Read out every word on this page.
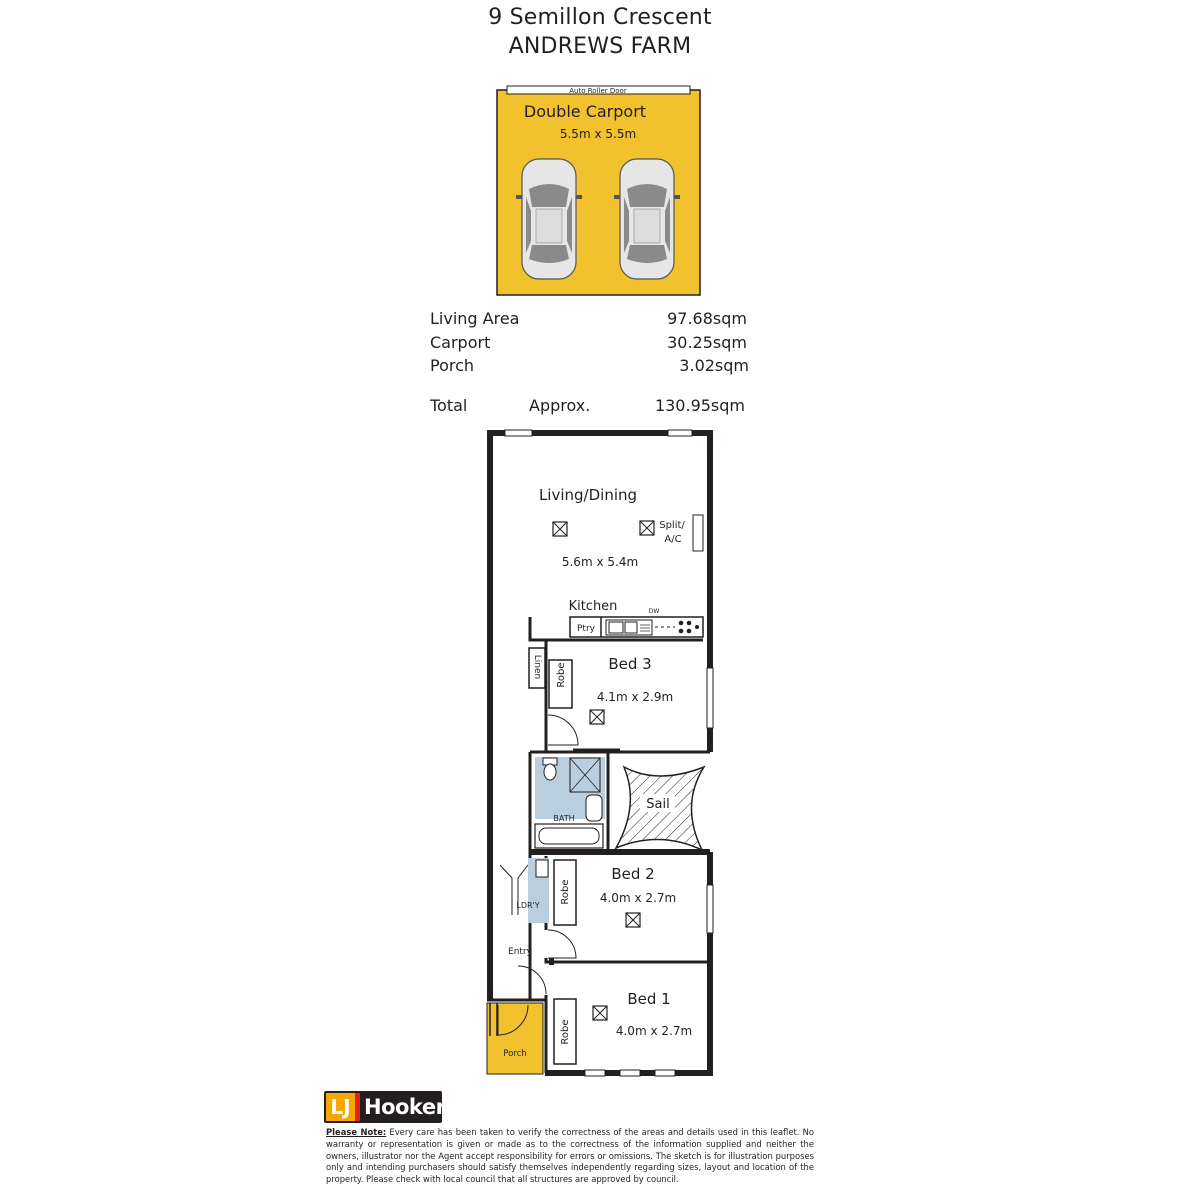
9 Semillon Crescent
ANDREWS FARM
Auto Roller Door
Double Carport
5.5m x 5.5m
Living/Dining
Split/
A/C
5.6m x 5.4m
Kitchen	DW
Ptry
Linen Robe	Bed 3
4.1m x 2.9m
BATH
Sail
LDR'Y
Robe
Bed 2
4.0m x 2.7m
Entry
Robe
Bed 1
4.0m x 2.7m
Porch
Living Area	97.68sqm
Carport	30.25sqm
Porch	3.02sqm
Total	Approx.	130.95sqm
LJ Hooker
Please Note: Every care has been taken to verify the correctness of the areas and details used in this leaflet. No warranty or representation is given or made as to the correctness of the information supplied and neither the owners, illustrator nor the Agent accept responsibility for errors or omissions. The sketch is for illustration purposes only and intending purchasers should satisfy themselves independently regarding sizes, layout and location of the property. Please check with local council that all structures are approved by council.
